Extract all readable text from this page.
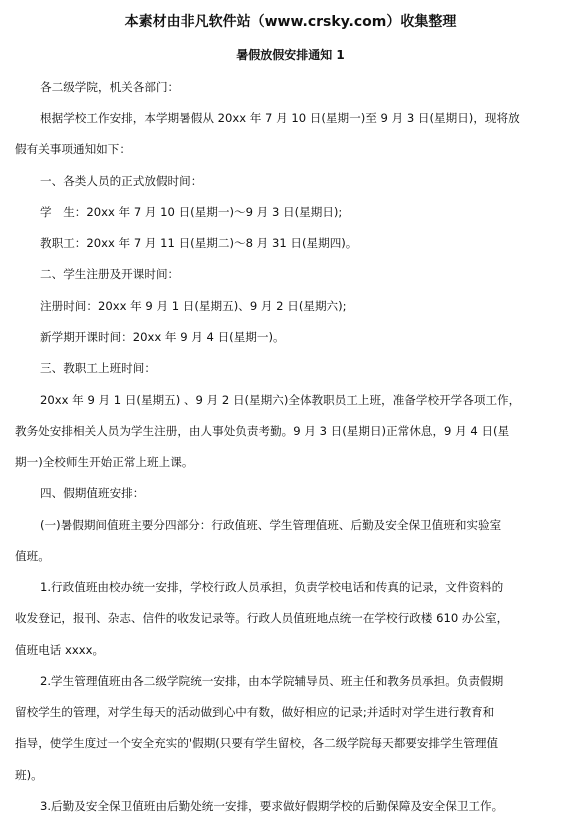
本素材由非凡软件站（www.crsky.com）收集整理
暑假放假安排通知 1
各二级学院，机关各部门：
根据学校工作安排，本学期暑假从 20xx 年 7 月 10 日(星期一)至 9 月 3 日(星期日)，现将放
假有关事项通知如下：
一、各类人员的正式放假时间：
学　生：20xx 年 7 月 10 日(星期一)～9 月 3 日(星期日);
教职工：20xx 年 7 月 11 日(星期二)～8 月 31 日(星期四)。
二、学生注册及开课时间：
注册时间：20xx 年 9 月 1 日(星期五)、9 月 2 日(星期六);
新学期开课时间：20xx 年 9 月 4 日(星期一)。
三、教职工上班时间：
20xx 年 9 月 1 日(星期五) 、9 月 2 日(星期六)全体教职员工上班，准备学校开学各项工作，
教务处安排相关人员为学生注册，由人事处负责考勤。9 月 3 日(星期日)正常休息，9 月 4 日(星
期一)全校师生开始正常上班上课。
四、假期值班安排：
(一)暑假期间值班主要分四部分：行政值班、学生管理值班、后勤及安全保卫值班和实验室
值班。
1.行政值班由校办统一安排，学校行政人员承担，负责学校电话和传真的记录，文件资料的
收发登记，报刊、杂志、信件的收发记录等。行政人员值班地点统一在学校行政楼 610 办公室，
值班电话 xxxx。
2.学生管理值班由各二级学院统一安排，由本学院辅导员、班主任和教务员承担。负责假期
留校学生的管理，对学生每天的活动做到心中有数，做好相应的记录;并适时对学生进行教育和
指导，使学生度过一个安全充实的'假期(只要有学生留校，各二级学院每天都要安排学生管理值
班)。
3.后勤及安全保卫值班由后勤处统一安排，要求做好假期学校的后勤保障及安全保卫工作。
